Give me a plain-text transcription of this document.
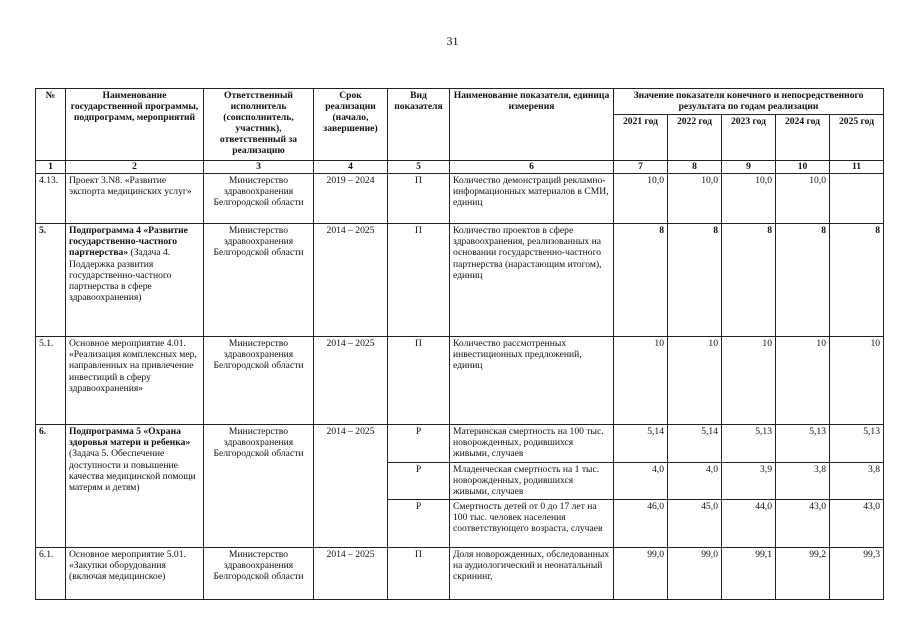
31
№	Наименование государственной программы, подпрограмм, мероприятий	Ответственный исполнитель (соисполнитель, участник), ответственный за реализацию	Срок реализации (начало, завершение)	Вид показателя	Наименование показателя, единица измерения	Значение показателя конечного и непосредственного результата по годам реализации				
						2021 год	2022 год	2023 год	2024 год	2025 год
1	2	3	4	5	6	7	8	9	10	11
4.13.	Проект 3.N8. «Развитие экспорта медицинских услуг»	Министерство здравоохранения Белгородской области	2019 – 2024	П	Количество демонстраций рекламно-информационных материалов в СМИ, единиц	10,0	10,0	10,0	10,0	
5.	Подпрограмма 4 «Развитие государственно-частного партнерства» (Задача 4. Поддержка развития государственно-частного партнерства в сфере здравоохранения)	Министерство здравоохранения Белгородской области	2014 – 2025	П	Количество проектов в сфере здравоохранения, реализованных на основании государственно-частного партнерства (нарастающим итогом), единиц	8	8	8	8	8
5.1.	Основное мероприятие 4.01. «Реализация комплексных мер, направленных на привлечение инвестиций в сферу здравоохранения»	Министерство здравоохранения Белгородской области	2014 – 2025	П	Количество рассмотренных инвестиционных предложений, единиц	10	10	10	10	10
6.	Подпрограмма 5 «Охрана здоровья матери и ребенка» (Задача 5. Обеспечение доступности и повышение качества медицинской помощи матерям и детям)	Министерство здравоохранения Белгородской области	2014 – 2025	Р	Материнская смертность на 100 тыс. новорожденных, родившихся живыми, случаев	5,14	5,14	5,13	5,13	5,13
				Р	Младенческая смертность на 1 тыс. новорожденных, родившихся живыми, случаев	4,0	4,0	3,9	3,8	3,8
				Р	Смертность детей от 0 до 17 лет на 100 тыс. человек населения соответствующего возраста, случаев	46,0	45,0	44,0	43,0	43,0
6.1.	Основное мероприятие 5.01. «Закупки оборудования (включая медицинское)	Министерство здравоохранения Белгородской области	2014 – 2025	П	Доля новорожденных, обследованных на аудиологический и неонатальный скрининг,	99,0	99,0	99,1	99,2	99,3
